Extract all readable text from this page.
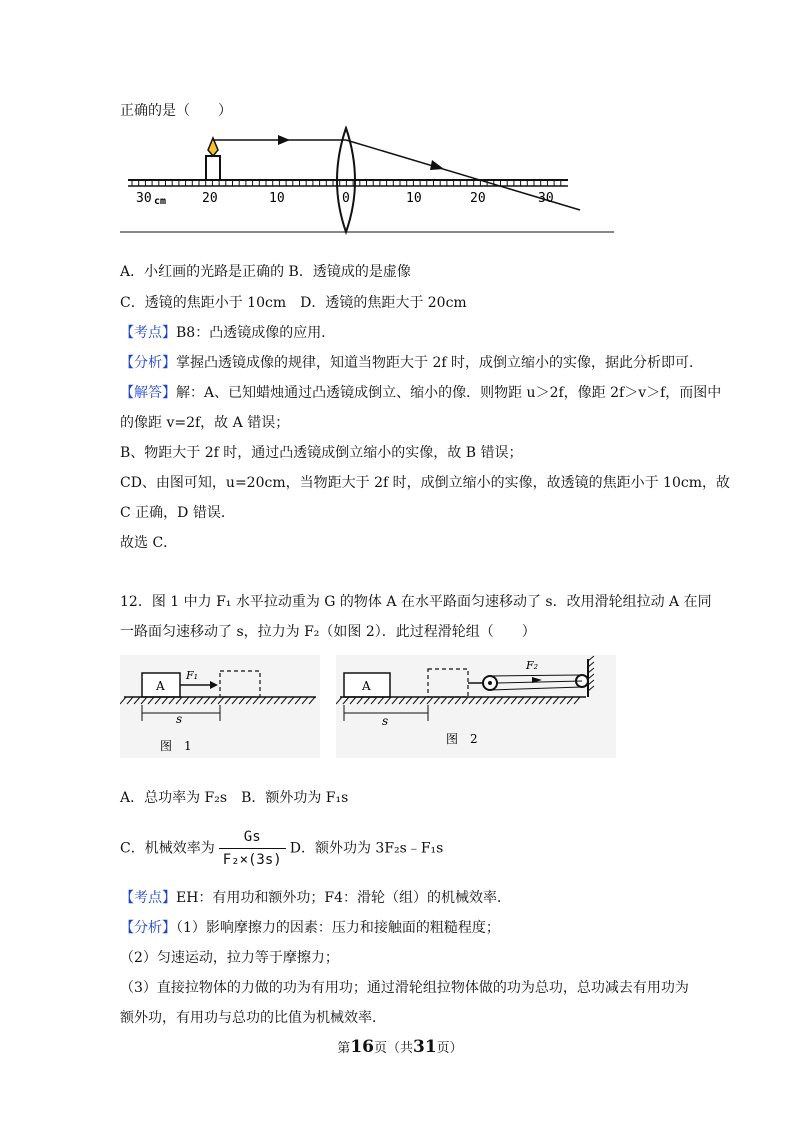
正确的是（　　）
30 cm	20	10	0	10	20	30
A．小红画的光路是正确的 B．透镜成的是虚像
C．透镜的焦距小于 10cm　D．透镜的焦距大于 20cm
【考点】B8：凸透镜成像的应用．
【分析】掌握凸透镜成像的规律，知道当物距大于 2f 时，成倒立缩小的实像，据此分析即可．
【解答】解：A、已知蜡烛通过凸透镜成倒立、缩小的像．则物距 u＞2f，像距 2f＞v＞f，而图中
的像距 v=2f，故 A 错误；
B、物距大于 2f 时，通过凸透镜成倒立缩小的实像，故 B 错误；
CD、由图可知，u=20cm，当物距大于 2f 时，成倒立缩小的实像，故透镜的焦距小于 10cm，故
C 正确，D 错误．
故选 C．
12．图 1 中力 F₁ 水平拉动重为 G 的物体 A 在水平路面匀速移动了 s．改用滑轮组拉动 A 在同
一路面匀速移动了 s，拉力为 F₂（如图 2）．此过程滑轮组（　　）
A
F₁
s
图　1
A
F₂
s
图　2
A．总功率为 F₂s　B．额外功为 F₁s
C．机械效率为 $\frac{Gs}{\text{F₂×(3s)}}$ D．额外功为 3F₂s﹣F₁s
【考点】EH：有用功和额外功；F4：滑轮（组）的机械效率．
【分析】（1）影响摩擦力的因素：压力和接触面的粗糙程度；
（2）匀速运动，拉力等于摩擦力；
（3）直接拉物体的力做的功为有用功；通过滑轮组拉物体做的功为总功，总功减去有用功为
额外功，有用功与总功的比值为机械效率．
第16页（共31页）
